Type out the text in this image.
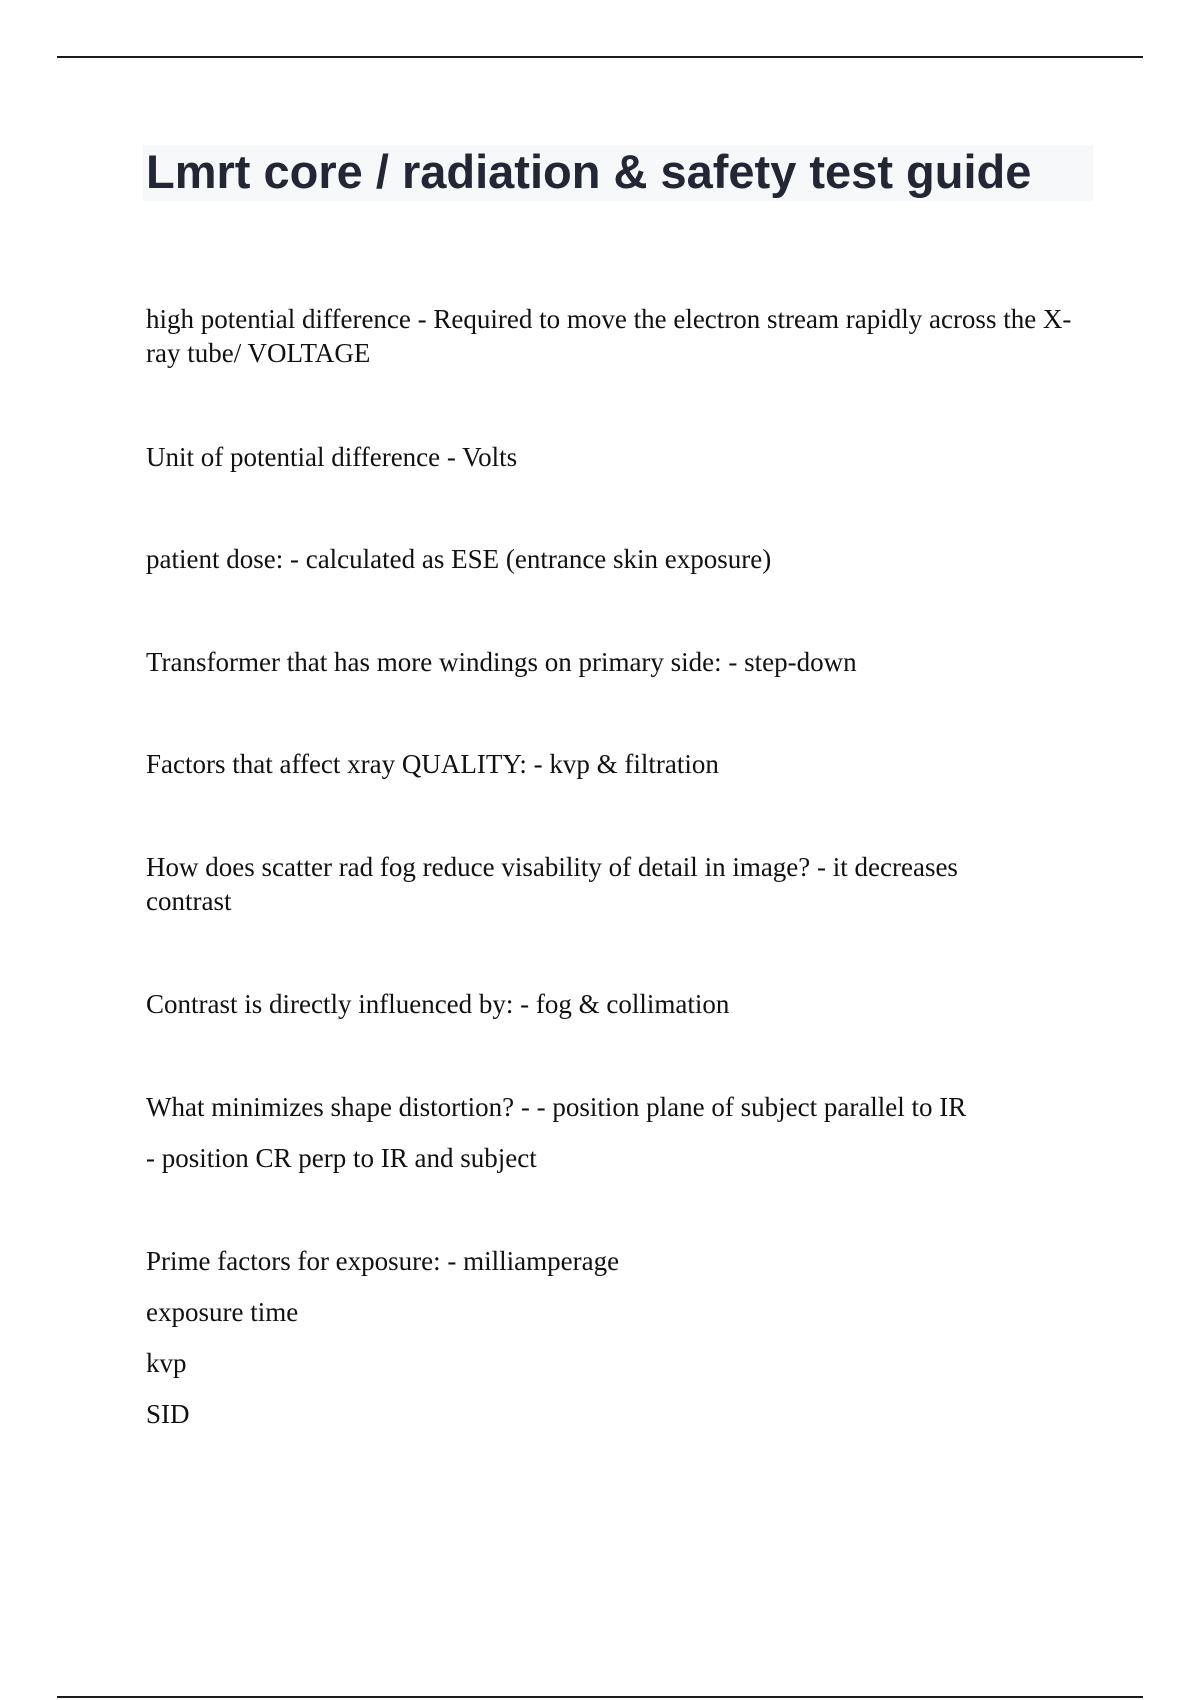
Lmrt core / radiation & safety test guide

high potential difference - Required to move the electron stream rapidly across the X-ray tube/ VOLTAGE

Unit of potential difference - Volts

patient dose: - calculated as ESE (entrance skin exposure)

Transformer that has more windings on primary side: - step-down

Factors that affect xray QUALITY: - kvp & filtration

How does scatter rad fog reduce visability of detail in image? - it decreases contrast

Contrast is directly influenced by: - fog & collimation

What minimizes shape distortion? - - position plane of subject parallel to IR
- position CR perp to IR and subject

Prime factors for exposure: - milliamperage
exposure time
kvp
SID
